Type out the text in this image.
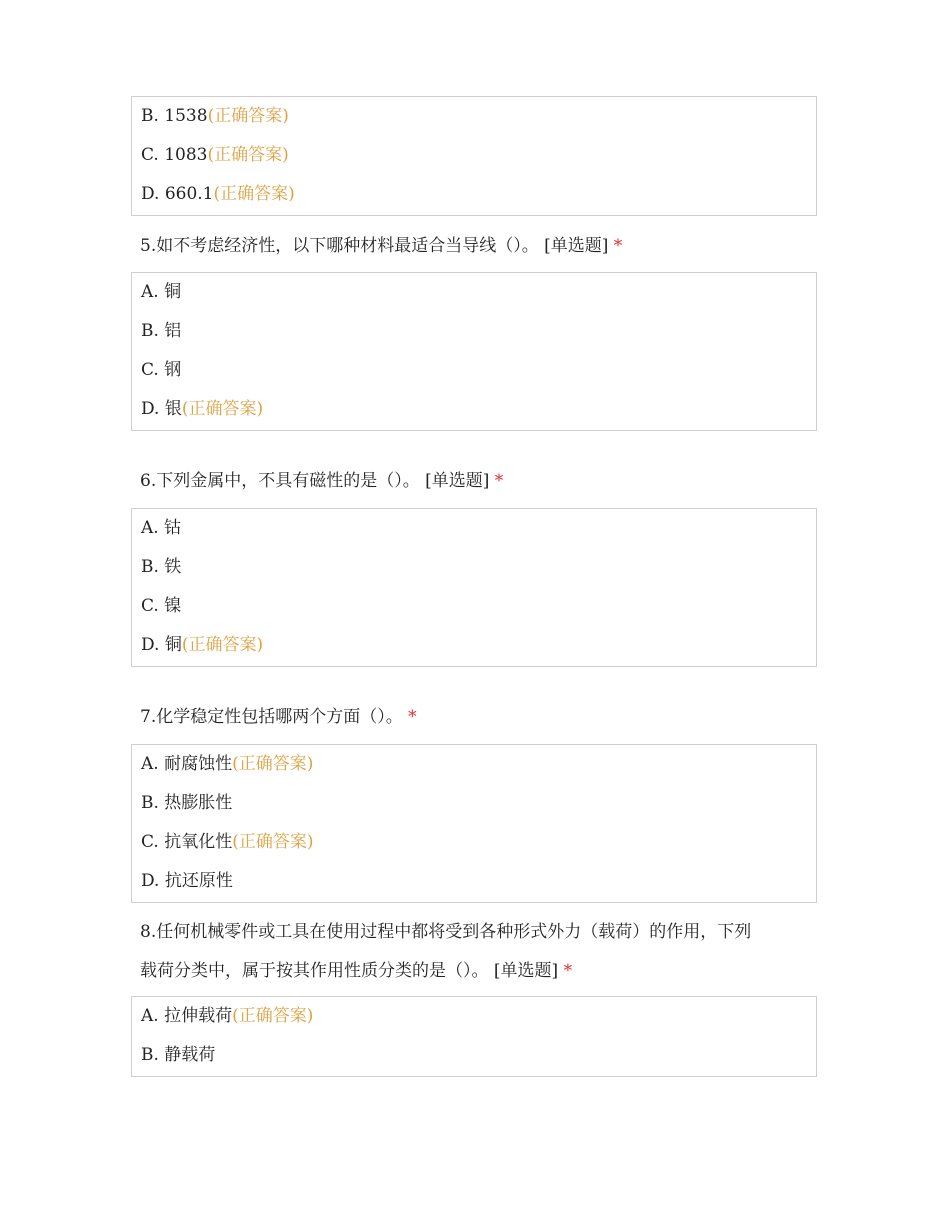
B. 1538(正确答案)
C. 1083(正确答案)
D. 660.1(正确答案)
5.如不考虑经济性，以下哪种材料最适合当导线（）。 [单选题] *
A. 铜
B. 铝
C. 钢
D. 银(正确答案)
6.下列金属中，不具有磁性的是（）。 [单选题] *
A. 钴
B. 铁
C. 镍
D. 铜(正确答案)
7.化学稳定性包括哪两个方面（）。 *
A. 耐腐蚀性(正确答案)
B. 热膨胀性
C. 抗氧化性(正确答案)
D. 抗还原性
8.任何机械零件或工具在使用过程中都将受到各种形式外力（载荷）的作用，下列
载荷分类中，属于按其作用性质分类的是（）。 [单选题] *
A. 拉伸载荷(正确答案)
B. 静载荷
